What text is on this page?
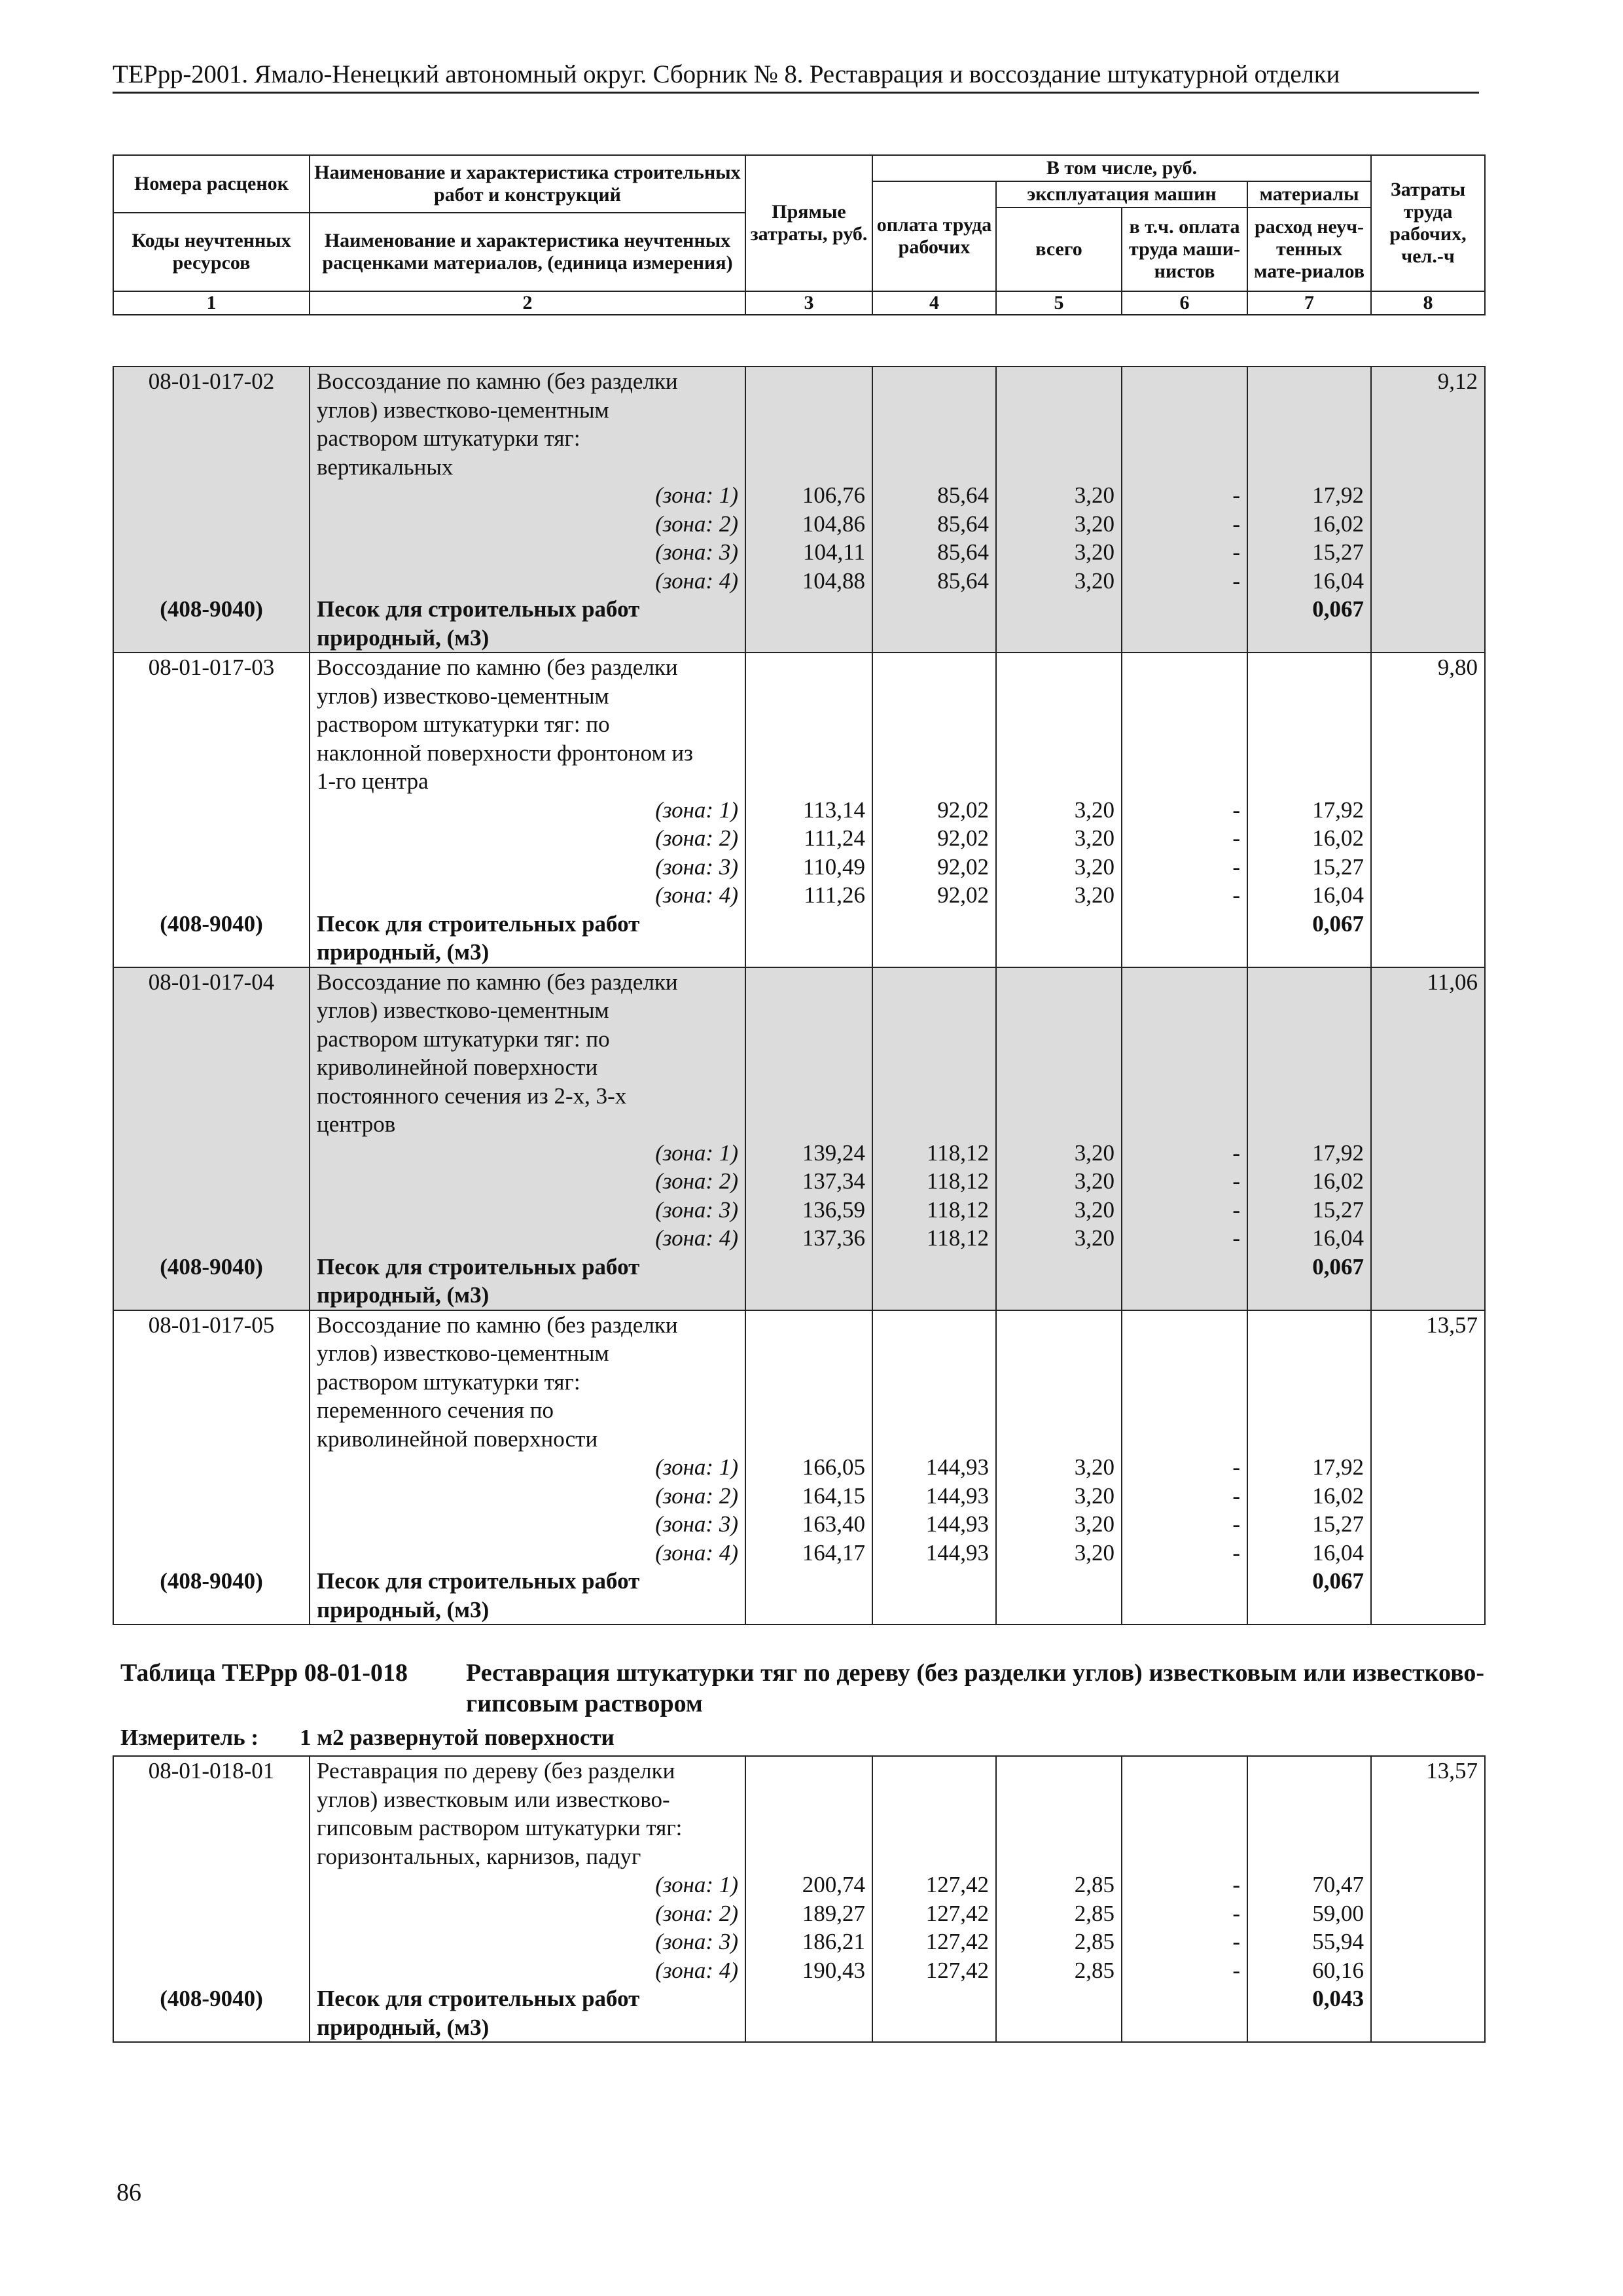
ТЕРрр-2001. Ямало-Ненецкий автономный округ. Сборник № 8. Реставрация и воссоздание штукатурной отделки
Номера расценок	Наименование и характеристика строительных работ и конструкций	Прямые затраты, руб.	В том числе, руб.				Затраты труда рабочих, чел.-ч
			оплата труда рабочих	эксплуатация машин		материалы	
				всего	в т.ч. оплата труда маши-нистов	расход неуч-тенных мате-риалов	
Коды неучтенных ресурсов	Наименование и характеристика неучтенных расценками материалов, (единица измерения)						

1	2	3	4	5	6	7	8
08-01-017-02	Воссоздание по камню (без разделки						9,12
	углов) известково-цементным						
	раствором штукатурки тяг:						
	вертикальных						
	(зона: 1)	106,76	85,64	3,20	-	17,92	
	(зона: 2)	104,86	85,64	3,20	-	16,02	
	(зона: 3)	104,11	85,64	3,20	-	15,27	
	(зона: 4)	104,88	85,64	3,20	-	16,04	
(408-9040)	Песок для строительных работ					0,067	
	природный, (м3)						
08-01-017-03	Воссоздание по камню (без разделки						9,80
	углов) известково-цементным						
	раствором штукатурки тяг: по						
	наклонной поверхности фронтоном из						
	1-го центра						
	(зона: 1)	113,14	92,02	3,20	-	17,92	
	(зона: 2)	111,24	92,02	3,20	-	16,02	
	(зона: 3)	110,49	92,02	3,20	-	15,27	
	(зона: 4)	111,26	92,02	3,20	-	16,04	
(408-9040)	Песок для строительных работ					0,067	
	природный, (м3)						
08-01-017-04	Воссоздание по камню (без разделки						11,06
	углов) известково-цементным						
	раствором штукатурки тяг: по						
	криволинейной поверхности						
	постоянного сечения из 2-х, 3-х						
	центров						
	(зона: 1)	139,24	118,12	3,20	-	17,92	
	(зона: 2)	137,34	118,12	3,20	-	16,02	
	(зона: 3)	136,59	118,12	3,20	-	15,27	
	(зона: 4)	137,36	118,12	3,20	-	16,04	
(408-9040)	Песок для строительных работ					0,067	
	природный, (м3)						
08-01-017-05	Воссоздание по камню (без разделки						13,57
	углов) известково-цементным						
	раствором штукатурки тяг:						
	переменного сечения по						
	криволинейной поверхности						
	(зона: 1)	166,05	144,93	3,20	-	17,92	
	(зона: 2)	164,15	144,93	3,20	-	16,02	
	(зона: 3)	163,40	144,93	3,20	-	15,27	
	(зона: 4)	164,17	144,93	3,20	-	16,04	
(408-9040)	Песок для строительных работ					0,067	
	природный, (м3)						
Таблица ТЕРрр 08-01-018 Реставрация штукатурки тяг по дереву (без разделки углов) известковым или известково-гипсовым раствором
Измеритель : 1 м2 развернутой поверхности
08-01-018-01	Реставрация по дереву (без разделки						13,57
	углов) известковым или известково-						
	гипсовым раствором штукатурки тяг:						
	горизонтальных, карнизов, падуг						
	(зона: 1)	200,74	127,42	2,85	-	70,47	
	(зона: 2)	189,27	127,42	2,85	-	59,00	
	(зона: 3)	186,21	127,42	2,85	-	55,94	
	(зона: 4)	190,43	127,42	2,85	-	60,16	
(408-9040)	Песок для строительных работ					0,043	
	природный, (м3)						
86
